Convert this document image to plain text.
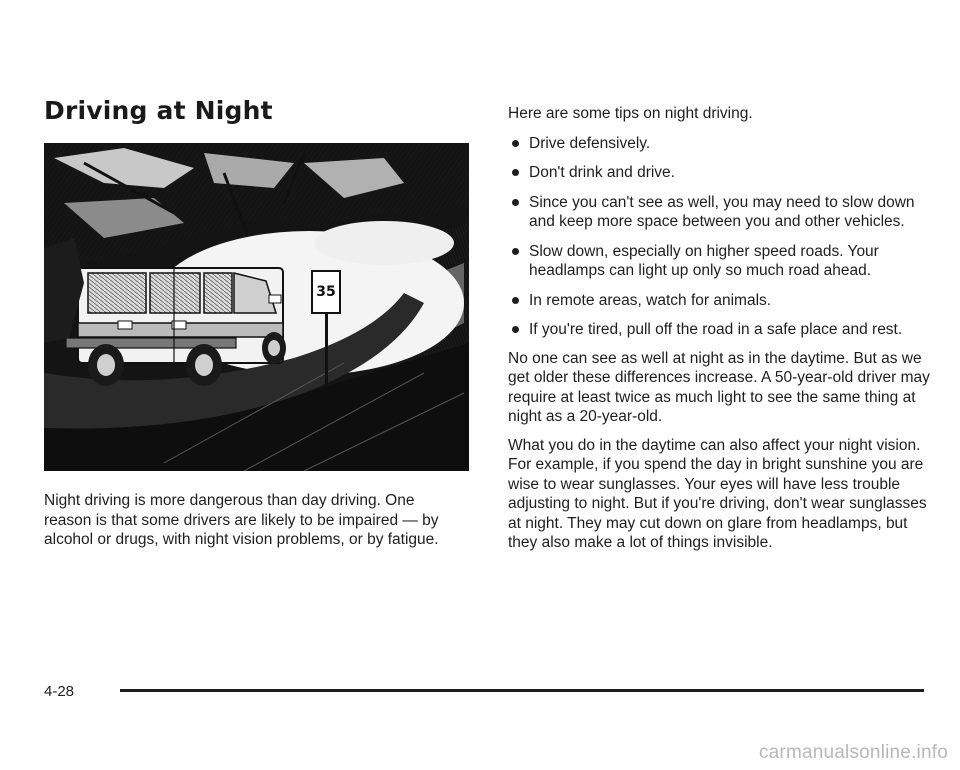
Driving at Night
35

Night driving is more dangerous than day driving. One reason is that some drivers are likely to be impaired — by alcohol or drugs, with night vision problems, or by fatigue.

Here are some tips on night driving.

Drive defensively.
Don't drink and drive.
Since you can't see as well, you may need to slow down and keep more space between you and other vehicles.
Slow down, especially on higher speed roads. Your headlamps can light up only so much road ahead.
In remote areas, watch for animals.
If you're tired, pull off the road in a safe place and rest.

No one can see as well at night as in the daytime. But as we get older these differences increase. A 50-year-old driver may require at least twice as much light to see the same thing at night as a 20-year-old.

What you do in the daytime can also affect your night vision. For example, if you spend the day in bright sunshine you are wise to wear sunglasses. Your eyes will have less trouble adjusting to night. But if you're driving, don't wear sunglasses at night. They may cut down on glare from headlamps, but they also make a lot of things invisible.

4-28
carmanualsonline.info
